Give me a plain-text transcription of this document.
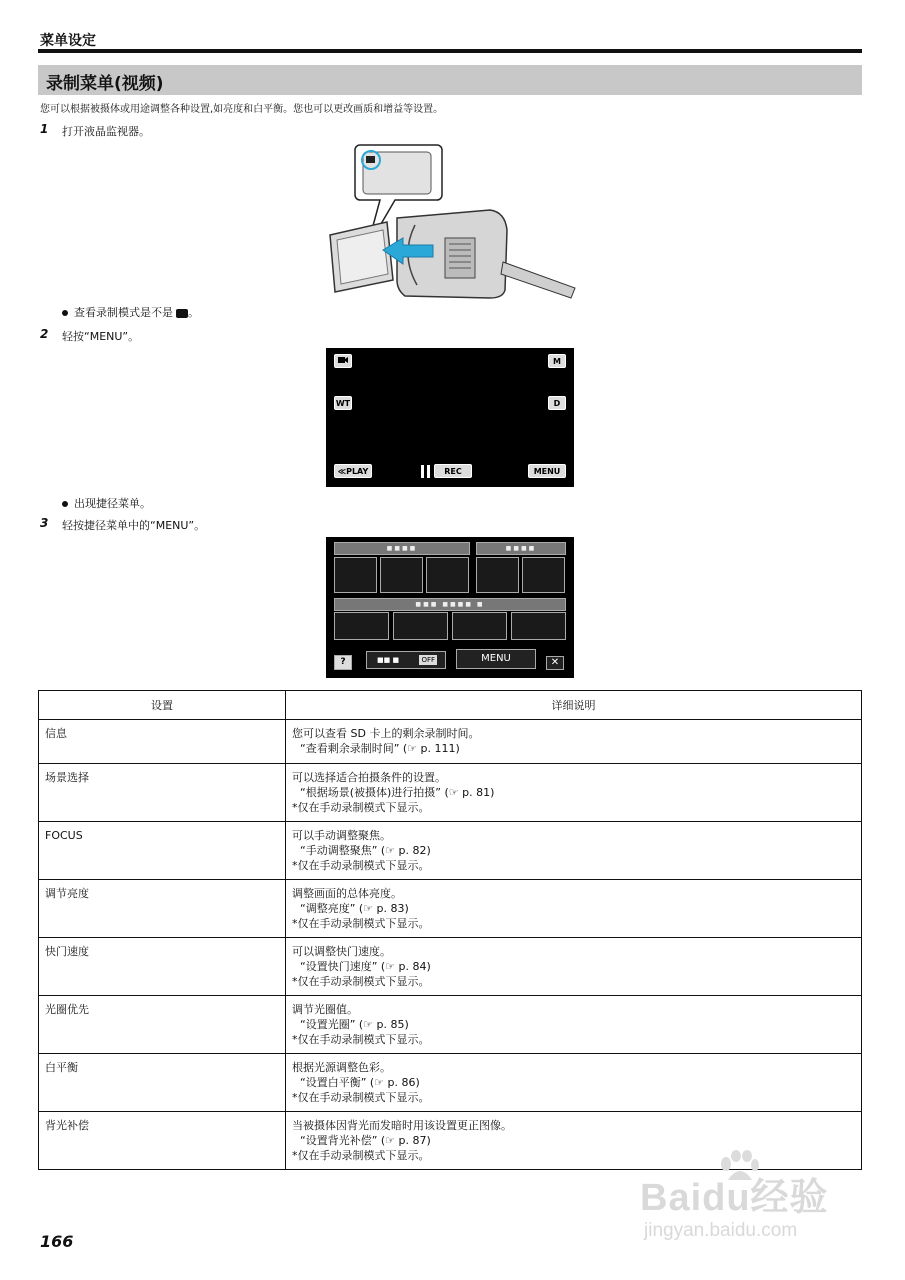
菜单设定
录制菜单(视频)
您可以根据被摄体或用途调整各种设置,如亮度和白平衡。您也可以更改画质和增益等设置。
1 打开液晶监视器。
查看录制模式是不是 。
2 轻按“MENU”。
M
WT	D
≪PLAY	REC	MENU
出现捷径菜单。
3 轻按捷径菜单中的“MENU”。
■■■■	■■■■
■■■ ■■■■ ■
?	■■ ■	OFF	MENU	✕
设置	详细说明
信息	您可以查看 SD 卡上的剩余录制时间。
“查看剩余录制时间” (☞ p. 111)

场景选择	可以选择适合拍摄条件的设置。
“根据场景(被摄体)进行拍摄” (☞ p. 81)
*仅在手动录制模式下显示。

FOCUS	可以手动调整聚焦。
“手动调整聚焦” (☞ p. 82)
*仅在手动录制模式下显示。

调节亮度	调整画面的总体亮度。
“调整亮度” (☞ p. 83)
*仅在手动录制模式下显示。

快门速度	可以调整快门速度。
“设置快门速度” (☞ p. 84)
*仅在手动录制模式下显示。

光圈优先	调节光圈值。
“设置光圈” (☞ p. 85)
*仅在手动录制模式下显示。

白平衡	根据光源调整色彩。
“设置白平衡” (☞ p. 86)
*仅在手动录制模式下显示。

背光补偿	当被摄体因背光而发暗时用该设置更正图像。
“设置背光补偿” (☞ p. 87)
*仅在手动录制模式下显示。
166
Baidu经验
jingyan.baidu.com
